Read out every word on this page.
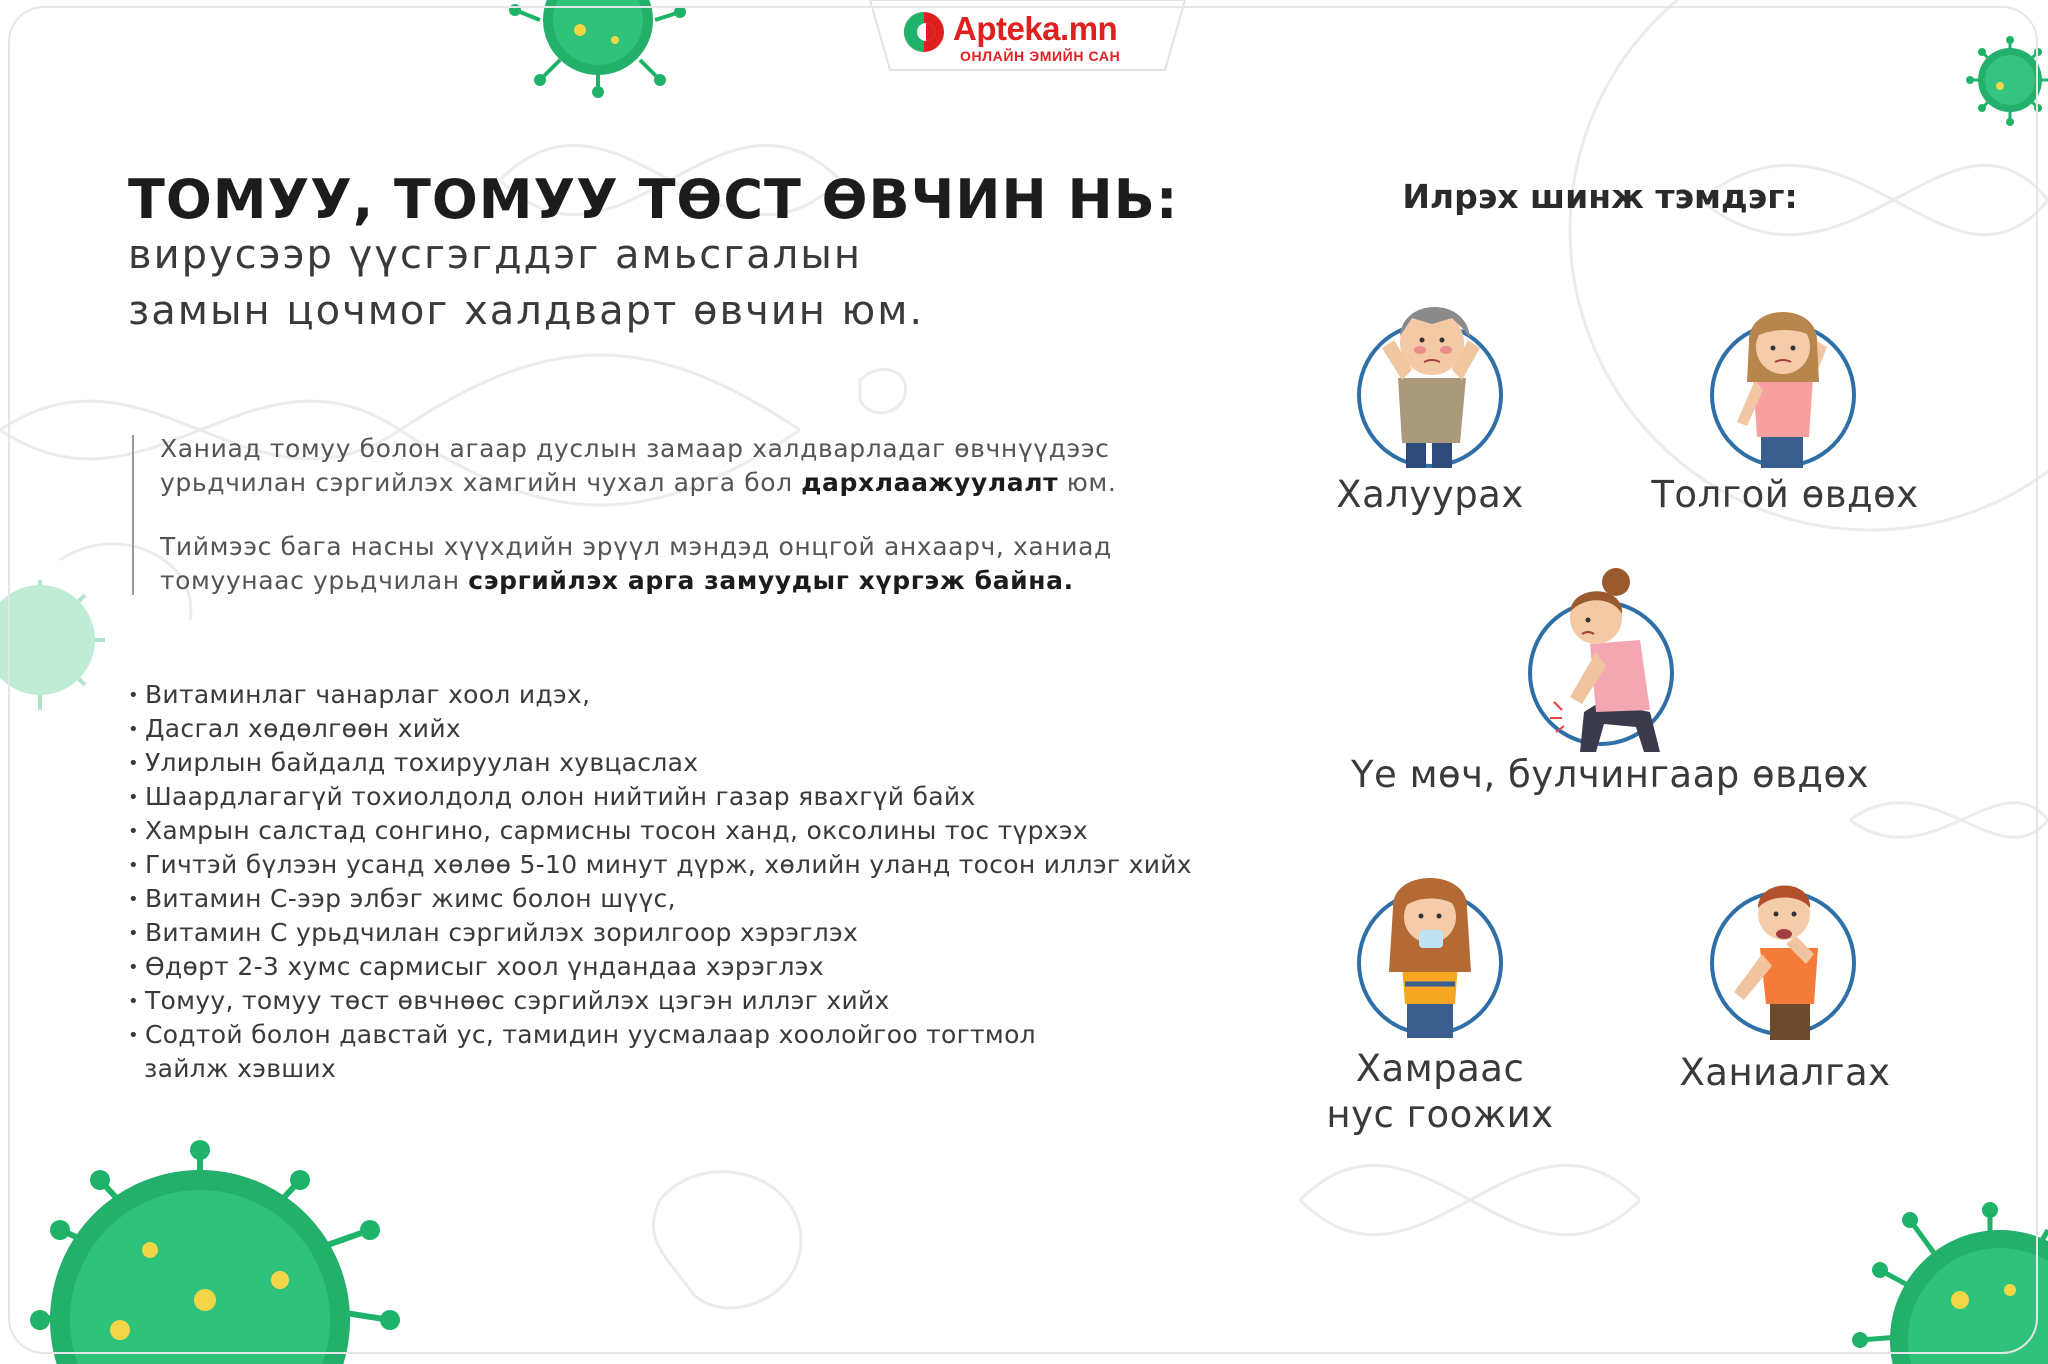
Apteka.mn
ОНЛАЙН ЭМИЙН САН
ТОМУУ, ТОМУУ ТӨСТ ӨВЧИН НЬ:
вирусээр үүсгэгддэг амьсгалын
замын цочмог халдварт өвчин юм.
Ханиад томуу болон агаар дуслын замаар халдварладаг өвчнүүдээс
урьдчилан сэргийлэх хамгийн чухал арга бол дархлаажуулалт юм.
Тиймээс бага насны хүүхдийн эрүүл мэндэд онцгой анхаарч, ханиад
томуунаас урьдчилан сэргийлэх арга замуудыг хүргэж байна.
• Витаминлаг чанарлаг хоол идэх,
• Дасгал хөдөлгөөн хийх
• Улирлын байдалд тохируулан хувцаслах
• Шаардлагагүй тохиолдолд олон нийтийн газар явахгүй байх
• Хамрын салстад сонгино, сармисны тосон ханд, оксолины тос түрхэх
• Гичтэй бүлээн усанд хөлөө 5-10 минут дүрж, хөлийн уланд тосон иллэг хийх
• Витамин С-ээр элбэг жимс болон шүүс,
• Витамин С урьдчилан сэргийлэх зорилгоор хэрэглэх
• Өдөрт 2-3 хумс сармисыг хоол үндандаа хэрэглэх
• Томуу, томуу төст өвчнөөс сэргийлэх цэгэн иллэг хийх
• Содтой болон давстай ус, тамидин уусмалаар хоолойгоо тогтмол
зайлж хэвших
Илрэх шинж тэмдэг:
Халуурах	Толгой өвдөх
Үе мөч, булчингаар өвдөх
Хамраас
нус гоожих
Ханиалгах
